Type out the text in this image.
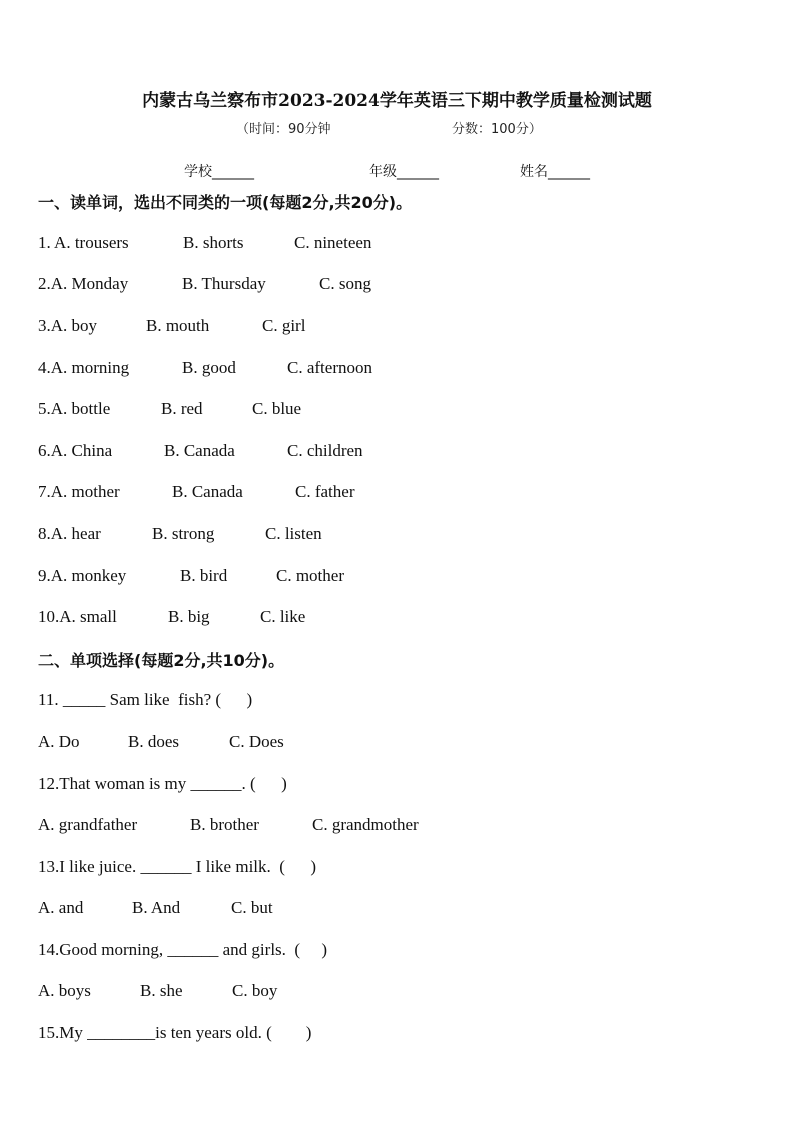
内蒙古乌兰察布市2023-2024学年英语三下期中教学质量检测试题
（时间：90分钟	分数：100分）
学校______	年级______	姓名______
一、读单词，选出不同类的一项(每题2分,共20分)。

1. A. trousers

	B. shorts

	C. nineteen

2.A. Monday

	B. Thursday

	C. song

3.A. boy

	B. mouth

	C. girl

4.A. morning

	B. good

	C. afternoon

5.A. bottle

	B. red

	C. blue

6.A. China

	B. Canada

	C. children

7.A. mother

	B. Canada

	C. father

8.A. hear

	B. strong

	C. listen

9.A. monkey

	B. bird

	C. mother

10.A. small

	B. big

	C. like

二、单项选择(每题2分,共10分)。

11. _____ Sam like  fish? (      )

A. Do

	B. does

	C. Does

12.That woman is my ______. (      )

A. grandfather

	B. brother

	C. grandmother

13.I like juice. ______ I like milk.  (      )

A. and

	B. And

	C. but

14.Good morning, ______ and girls.  (     )

A. boys

	B. she

	C. boy

15.My ________is ten years old. (        )
